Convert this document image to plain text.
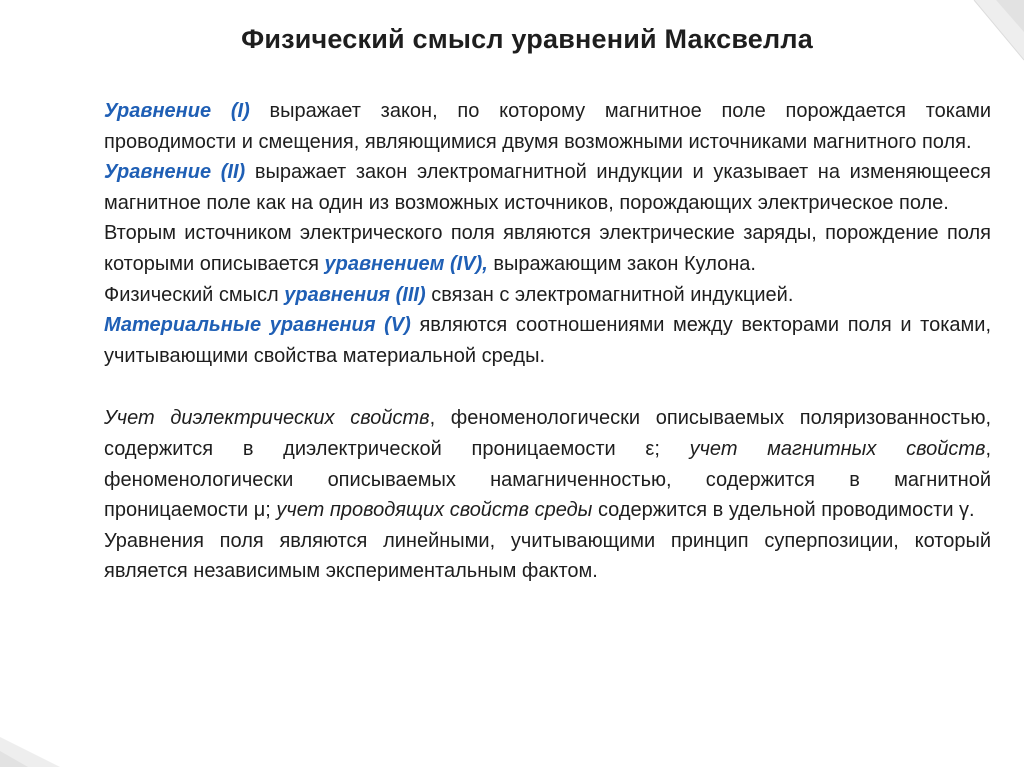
Физический смысл уравнений Максвелла

Уравнение (I) выражает закон, по которому магнитное поле порождается токами проводимости и смещения, являющимися двумя возможными источниками магнитного поля.

Уравнение (II) выражает закон электромагнитной индукции и указывает на изменяющееся магнитное поле как на один из возможных источников, порождающих электрическое поле.

Вторым источником электрического поля являются электрические заряды, порождение поля которыми описывается уравнением (IV), выражающим закон Кулона.

Физический смысл уравнения (III) связан с электромагнитной индукцией.

Материальные уравнения (V) являются соотношениями между векторами поля и токами, учитывающими свойства материальной среды.

Учет диэлектрических свойств, феноменологически описываемых поляризованностью, содержится в диэлектрической проницаемости ε; учет магнитных свойств, феноменологически описываемых намагниченностью, содержится в магнитной проницаемости μ; учет проводящих свойств среды содержится в удельной проводимости γ.

Уравнения поля являются линейными, учитывающими принцип суперпозиции, который является независимым экспериментальным фактом.
